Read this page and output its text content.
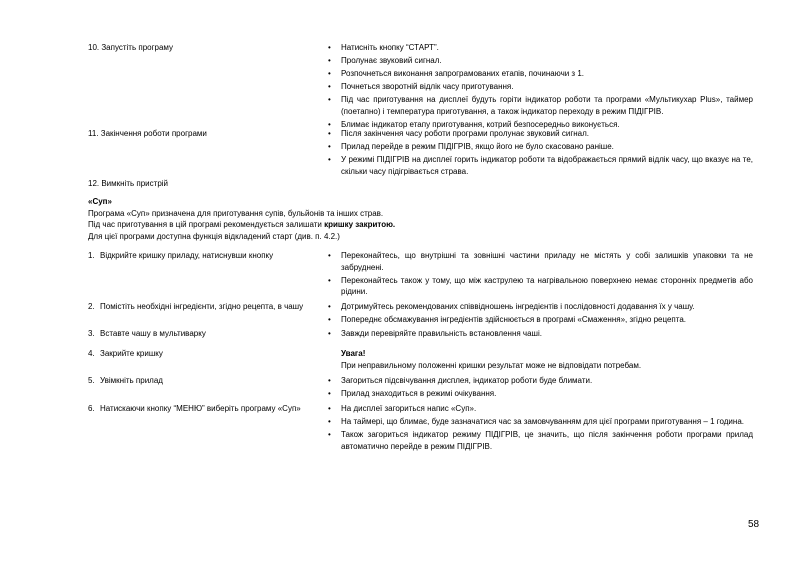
10. Запустіть програму	• Натисніть кнопку “СТАРТ”.
• Пролунає звуковий сигнал.
• Розпочнеться виконання запрограмованих етапів, починаючи з 1.
• Почнеться зворотній відлік часу приготування.
• Під час приготування на дисплеї будуть горіти індикатор роботи та програми «Мультикухар Plus», таймер (поетапно) і температура приготування, а також індикатор переходу в режим ПІДІГРІВ.
• Блимає індикатор етапу приготування, котрий безпосередньо виконується.
11. Закінчення роботи програми	• Після закінчення часу роботи програми пролунає звуковий сигнал.
• Прилад перейде в режим ПІДІГРІВ, якщо його не було скасовано раніше.
• У режимі ПІДІГРІВ на дисплеї горить індикатор роботи та відображається прямий відлік часу, що вказує на те, скільки часу підігрівається страва.
12. Вимкніть пристрій
«Суп»
Програма «Суп» призначена для приготування супів, бульйонів та інших страв.
Під час приготування в цій програмі рекомендується залишати кришку закритою.
Для цієї програми доступна функція відкладений старт (див. п. 4.2.)
1. Відкрийте кришку приладу, натиснувши кнопку	• Переконайтесь, що внутрішні та зовнішні частини приладу не містять у собі залишків упаковки та не забруднені.
• Переконайтесь також у тому, що між каструлею та нагрівальною поверхнею немає сторонніх предметів або рідини.
2. Помістіть необхідні інгредієнти, згідно рецепта, в чашу	• Дотримуйтесь рекомендованих співвідношень інгредієнтів і послідовності додавання їх у чашу.
• Попереднє обсмажування інгредієнтів здійснюється в програмі «Смаження», згідно рецепта.
3. Вставте чашу в мультиварку	• Завжди перевіряйте правильність встановлення чаші.
4. Закрийте кришку	Увага!
При неправильному положенні кришки результат може не відповідати потребам.
5. Увімкніть прилад	• Загориться підсвічування дисплея, індикатор роботи буде блимати.
• Прилад знаходиться в режимі очікування.
6. Натискаючи кнопку “МЕНЮ” виберіть програму «Суп»	• На дисплеї загориться напис «Суп».
• На таймері, що блимає, буде зазначатися час за замовчуванням для цієї програми приготування – 1 година.
• Також загориться індикатор режиму ПІДІГРІВ, це значить, що після закінчення роботи програми прилад автоматично перейде в режим ПІДІГРІВ.
58
